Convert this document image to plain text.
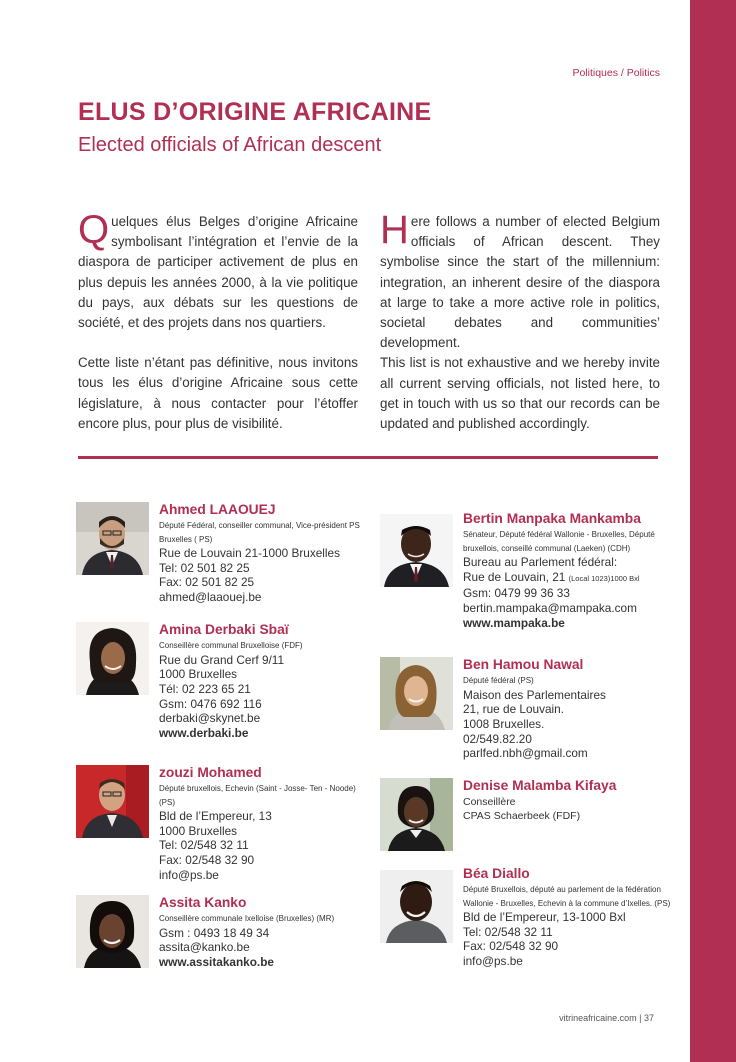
Politiques / Politics
ELUS D’ORIGINE AFRICAINE
Elected officials of African descent

Quelques élus Belges d’origine Africaine symbolisant l’intégration et l’envie de la diaspora de participer activement de plus en plus depuis les années 2000, à la vie politique du pays, aux débats sur les questions de société, et des projets dans nos quartiers.

Cette liste n’étant pas définitive, nous invitons tous les élus d’origine Africaine sous cette législature, à nous contacter pour l’étoffer encore plus, pour plus de visibilité.

Here follows a number of elected Belgium officials of African descent. They symbolise since the start of the millennium: integration, an inherent desire of the diaspora at large to take a more active role in politics, societal debates and communities’ development.

This list is not exhaustive and we hereby invite all current serving officials, not listed here, to get in touch with us so that our records can be updated and published accordingly.

Ahmed LAAOUEJ
Député Fédéral, conseiller communal, Vice-président PS Bruxelles ( PS)
Rue de Louvain 21-1000 Bruxelles
Tel: 02 501 82 25
Fax: 02 501 82 25
ahmed@laaouej.be
Amina Derbaki Sbaï
Conseillère communal Bruxelloise (FDF)
Rue du Grand Cerf 9/11
1000 Bruxelles
Tél: 02 223 65 21
Gsm: 0476 692 116
derbaki@skynet.be
www.derbaki.be
zouzi Mohamed
Député bruxellois, Echevin (Saint - Josse- Ten - Noode) (PS)
Bld de l’Empereur, 13
1000 Bruxelles
Tel: 02/548 32 11
Fax: 02/548 32 90
info@ps.be
Assita Kanko
Conseillère communale Ixelloise (Bruxelles) (MR)
Gsm : 0493 18 49 34
assita@kanko.be
www.assitakanko.be
Bertin Manpaka Mankamba
Sénateur, Député fédéral Wallonie - Bruxelles, Député bruxellois, conseillé communal (Laeken) (CDH)
Bureau au Parlement fédéral:
Rue de Louvain, 21 (Local 1023)1000 Bxl
Gsm: 0479 99 36 33
bertin.mampaka@mampaka.com
www.mampaka.be
Ben Hamou Nawal
Député fédéral (PS)
Maison des Parlementaires
21, rue de Louvain.
1008 Bruxelles.
02/549.82.20
parlfed.nbh@gmail.com
Denise Malamba Kifaya
Conseillère
CPAS Schaerbeek (FDF)
Béa Diallo
Député Bruxellois, député au parlement de la fédération Wallonie - Bruxelles, Echevin à la commune d’Ixelles. (PS)
Bld de l’Empereur, 13-1000 Bxl
Tel: 02/548 32 11
Fax: 02/548 32 90
info@ps.be
vitrineafricaine.com | 37
